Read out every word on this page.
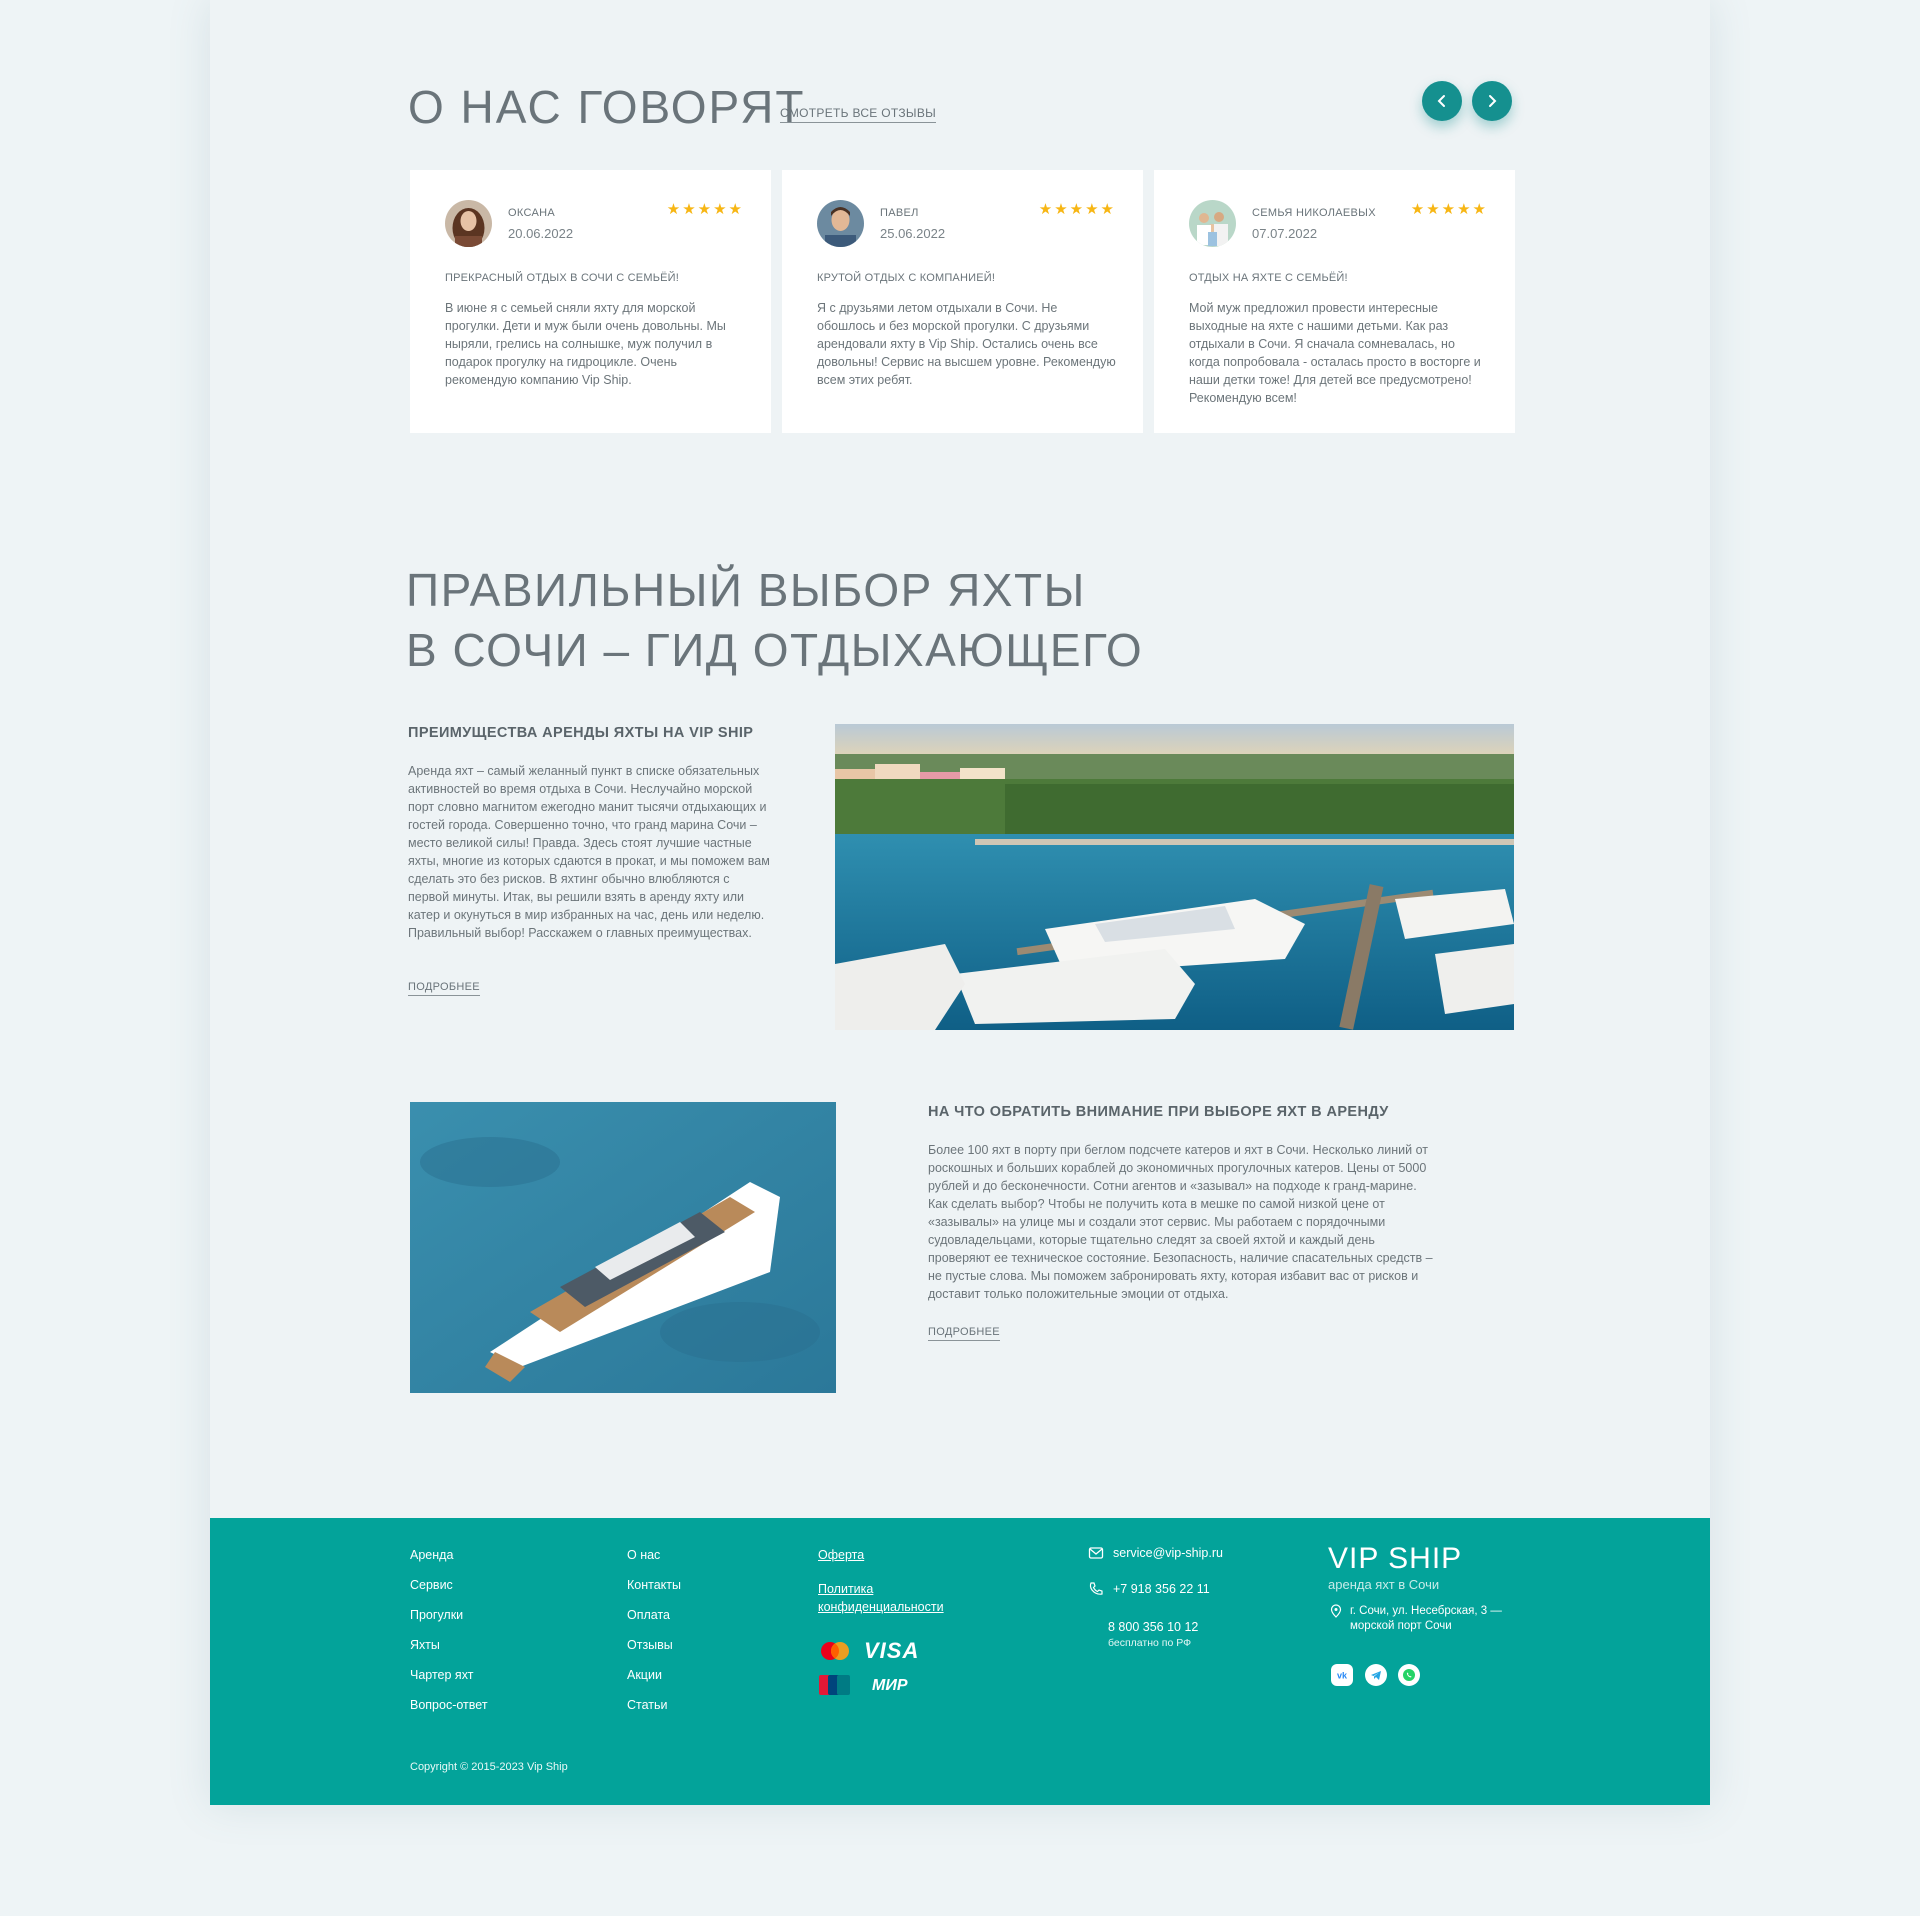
О НАС ГОВОРЯТ
СМОТРЕТЬ ВСЕ ОТЗЫВЫ
ОКСАНА
20.06.2022
★★★★★
ПРЕКРАСНЫЙ ОТДЫХ В СОЧИ С СЕМЬЁЙ!
В июне я с семьей сняли яхту для морской прогулки. Дети и муж были очень довольны. Мы ныряли, грелись на солнышке, муж получил в подарок прогулку на гидроцикле. Очень рекомендую компанию Vip Ship.
ПАВЕЛ
25.06.2022
★★★★★
КРУТОЙ ОТДЫХ С КОМПАНИЕЙ!
Я с друзьями летом отдыхали в Сочи. Не обошлось и без морской прогулки. С друзьями арендовали яхту в Vip Ship. Остались очень все довольны! Сервис на высшем уровне. Рекомендую всем этих ребят.
СЕМЬЯ НИКОЛАЕВЫХ
07.07.2022
★★★★★
ОТДЫХ НА ЯХТЕ С СЕМЬЁЙ!
Мой муж предложил провести интересные выходные на яхте с нашими детьми. Как раз отдыхали в Сочи. Я сначала сомневалась, но когда попробовала - осталась просто в восторге и наши детки тоже! Для детей все предусмотрено! Рекомендую всем!
ПРАВИЛЬНЫЙ ВЫБОР ЯХТЫ
В СОЧИ – ГИД ОТДЫХАЮЩЕГО
ПРЕИМУЩЕСТВА АРЕНДЫ ЯХТЫ НА VIP SHIP

Аренда яхт – самый желанный пункт в списке обязательных активностей во время отдыха в Сочи. Неслучайно морской порт словно магнитом ежегодно манит тысячи отдыхающих и гостей города. Совершенно точно, что гранд марина Сочи – место великой силы! Правда. Здесь стоят лучшие частные яхты, многие из которых сдаются в прокат, и мы поможем вам сделать это без рисков. В яхтинг обычно влюбляются с первой минуты. Итак, вы решили взять в аренду яхту или катер и окунуться в мир избранных на час, день или неделю. Правильный выбор! Расскажем о главных преимуществах.

ПОДРОБНЕЕ
НА ЧТО ОБРАТИТЬ ВНИМАНИЕ ПРИ ВЫБОРЕ ЯХТ В АРЕНДУ

Более 100 яхт в порту при беглом подсчете катеров и яхт в Сочи. Несколько линий от роскошных и больших кораблей до экономичных прогулочных катеров. Цены от 5000 рублей и до бесконечности. Сотни агентов и «зазывал» на подходе к гранд-марине. Как сделать выбор? Чтобы не получить кота в мешке по самой низкой цене от «зазывалы» на улице мы и создали этот сервис. Мы работаем с порядочными судовладельцами, которые тщательно следят за своей яхтой и каждый день проверяют ее техническое состояние. Безопасность, наличие спасательных средств – не пустые слова. Мы поможем забронировать яхту, которая избавит вас от рисков и доставит только положительные эмоции от отдыха.

ПОДРОБНЕЕ
Аренда
Сервис
Прогулки
Яхты
Чартер яхт
Вопрос-ответ
О нас
Контакты
Оплата
Отзывы
Акции
Статьи
Оферта
Политика
конфиденциальности
VISA
МИР
service@vip-ship.ru
+7 918 356 22 11
8 800 356 10 12
бесплатно по РФ
VIP SHIP
аренда яхт в Сочи
г. Сочи, ул. Несебрская, 3 —
морской порт Сочи
vk
Copyright © 2015-2023 Vip Ship
